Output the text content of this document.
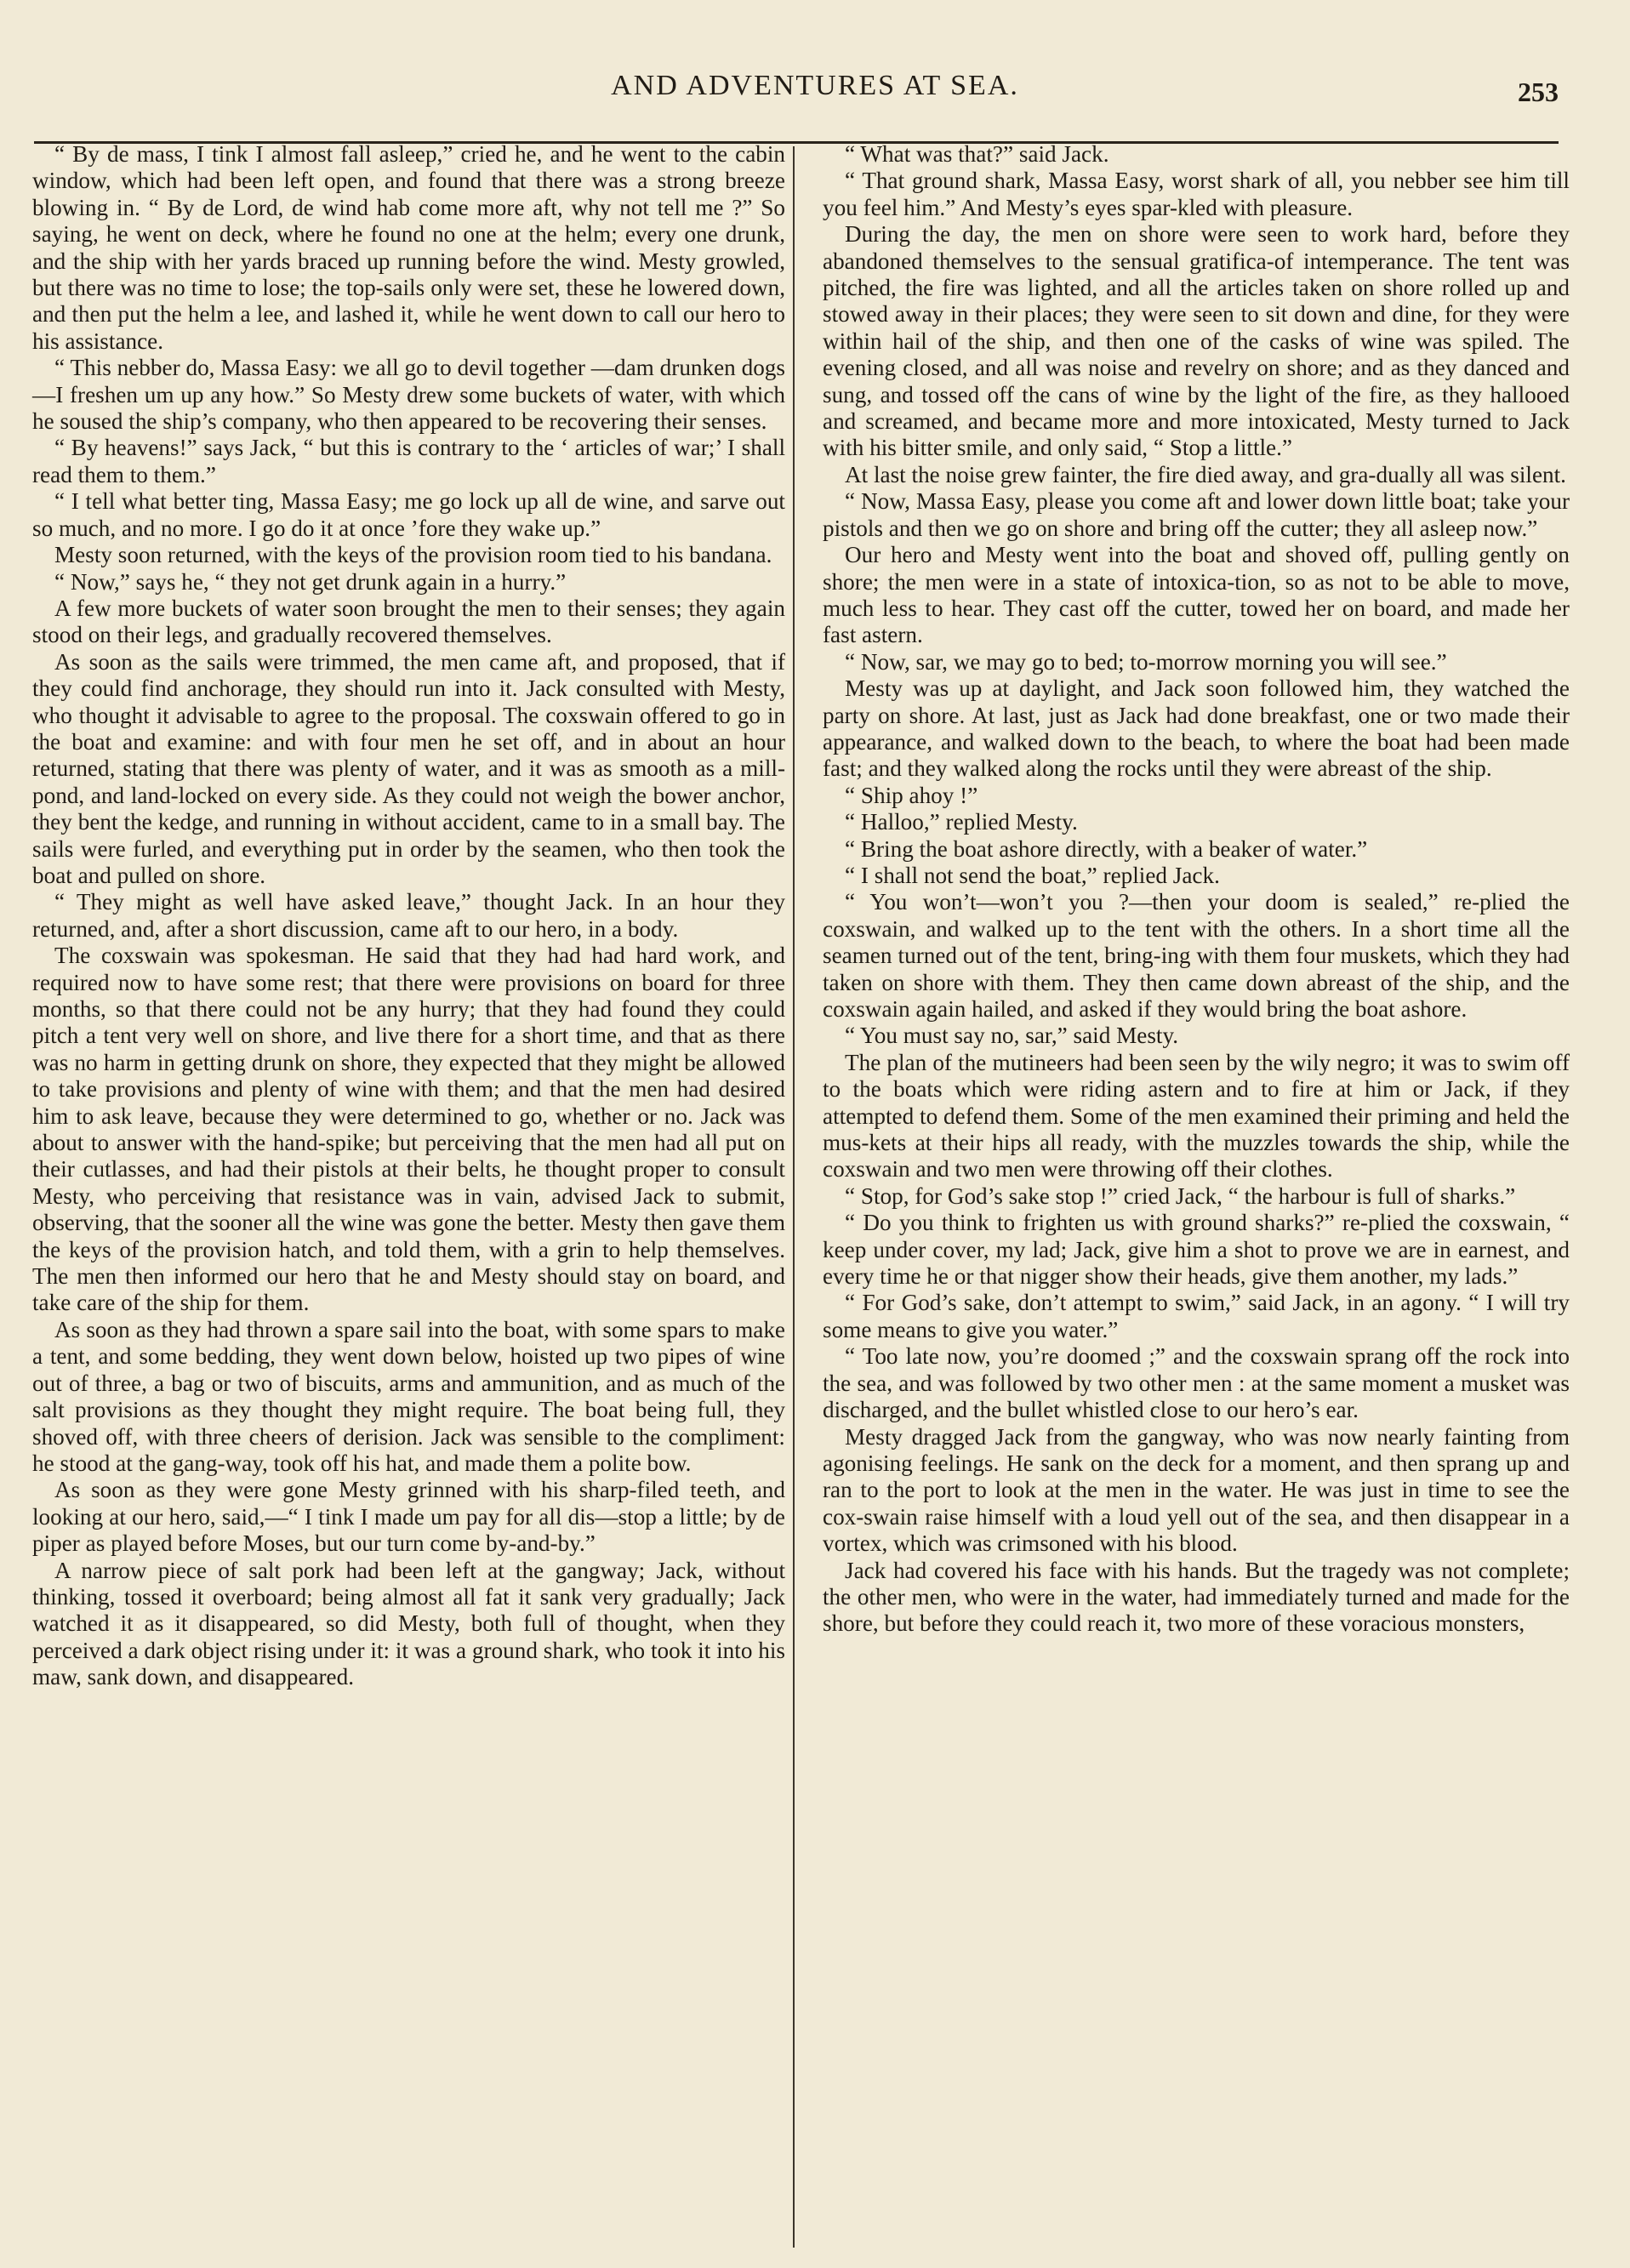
AND ADVENTURES AT SEA.	253

“ By de mass, I tink I almost fall asleep,” cried he, and he went to the cabin window, which had been left open, and found that there was a strong breeze blowing in. “ By de Lord, de wind hab come more aft, why not tell me ?” So saying, he went on deck, where he found no one at the helm; every one drunk, and the ship with her yards braced up running before the wind. Mesty growled, but there was no time to lose; the top-sails only were set, these he lowered down, and then put the helm a lee, and lashed it, while he went down to call our hero to his assistance.

“ This nebber do, Massa Easy: we all go to devil together —dam drunken dogs—I freshen um up any how.” So Mesty drew some buckets of water, with which he soused the ship’s company, who then appeared to be recovering their senses.

“ By heavens!” says Jack, “ but this is contrary to the ‘ articles of war;’ I shall read them to them.”

“ I tell what better ting, Massa Easy; me go lock up all de wine, and sarve out so much, and no more. I go do it at once ’fore they wake up.”

Mesty soon returned, with the keys of the provision room tied to his bandana.

“ Now,” says he, “ they not get drunk again in a hurry.”

A few more buckets of water soon brought the men to their senses; they again stood on their legs, and gradually recovered themselves.

As soon as the sails were trimmed, the men came aft, and proposed, that if they could find anchorage, they should run into it. Jack consulted with Mesty, who thought it advisable to agree to the proposal. The coxswain offered to go in the boat and examine: and with four men he set off, and in about an hour returned, stating that there was plenty of water, and it was as smooth as a mill-pond, and land-locked on every side. As they could not weigh the bower anchor, they bent the kedge, and running in without accident, came to in a small bay. The sails were furled, and everything put in order by the seamen, who then took the boat and pulled on shore.

“ They might as well have asked leave,” thought Jack. In an hour they returned, and, after a short discussion, came aft to our hero, in a body.

The coxswain was spokesman. He said that they had had hard work, and required now to have some rest; that there were provisions on board for three months, so that there could not be any hurry; that they had found they could pitch a tent very well on shore, and live there for a short time, and that as there was no harm in getting drunk on shore, they expected that they might be allowed to take provisions and plenty of wine with them; and that the men had desired him to ask leave, because they were determined to go, whether or no. Jack was about to answer with the hand-spike; but perceiving that the men had all put on their cutlasses, and had their pistols at their belts, he thought proper to consult Mesty, who perceiving that resistance was in vain, advised Jack to submit, observing, that the sooner all the wine was gone the better. Mesty then gave them the keys of the provision hatch, and told them, with a grin to help themselves. The men then informed our hero that he and Mesty should stay on board, and take care of the ship for them.

As soon as they had thrown a spare sail into the boat, with some spars to make a tent, and some bedding, they went down below, hoisted up two pipes of wine out of three, a bag or two of biscuits, arms and ammunition, and as much of the salt provisions as they thought they might require. The boat being full, they shoved off, with three cheers of derision. Jack was sensible to the compliment: he stood at the gang-way, took off his hat, and made them a polite bow.

As soon as they were gone Mesty grinned with his sharp-filed teeth, and looking at our hero, said,—“ I tink I made um pay for all dis—stop a little; by de piper as played before Moses, but our turn come by-and-by.”

A narrow piece of salt pork had been left at the gangway; Jack, without thinking, tossed it overboard; being almost all fat it sank very gradually; Jack watched it as it disappeared, so did Mesty, both full of thought, when they perceived a dark object rising under it: it was a ground shark, who took it into his maw, sank down, and disappeared.

“ What was that?” said Jack.

“ That ground shark, Massa Easy, worst shark of all, you nebber see him till you feel him.” And Mesty’s eyes spar-kled with pleasure.

During the day, the men on shore were seen to work hard, before they abandoned themselves to the sensual gratifica-of intemperance. The tent was pitched, the fire was lighted, and all the articles taken on shore rolled up and stowed away in their places; they were seen to sit down and dine, for they were within hail of the ship, and then one of the casks of wine was spiled. The evening closed, and all was noise and revelry on shore; and as they danced and sung, and tossed off the cans of wine by the light of the fire, as they hallooed and screamed, and became more and more intoxicated, Mesty turned to Jack with his bitter smile, and only said, “ Stop a little.”

At last the noise grew fainter, the fire died away, and gra-dually all was silent.

“ Now, Massa Easy, please you come aft and lower down little boat; take your pistols and then we go on shore and bring off the cutter; they all asleep now.”

Our hero and Mesty went into the boat and shoved off, pulling gently on shore; the men were in a state of intoxica-tion, so as not to be able to move, much less to hear. They cast off the cutter, towed her on board, and made her fast astern.

“ Now, sar, we may go to bed; to-morrow morning you will see.”

Mesty was up at daylight, and Jack soon followed him, they watched the party on shore. At last, just as Jack had done breakfast, one or two made their appearance, and walked down to the beach, to where the boat had been made fast; and they walked along the rocks until they were abreast of the ship.

“ Ship ahoy !”

“ Halloo,” replied Mesty.

“ Bring the boat ashore directly, with a beaker of water.”

“ I shall not send the boat,” replied Jack.

“ You won’t—won’t you ?—then your doom is sealed,” re-plied the coxswain, and walked up to the tent with the others. In a short time all the seamen turned out of the tent, bring-ing with them four muskets, which they had taken on shore with them. They then came down abreast of the ship, and the coxswain again hailed, and asked if they would bring the boat ashore.

“ You must say no, sar,” said Mesty.

The plan of the mutineers had been seen by the wily negro; it was to swim off to the boats which were riding astern and to fire at him or Jack, if they attempted to defend them. Some of the men examined their priming and held the mus-kets at their hips all ready, with the muzzles towards the ship, while the coxswain and two men were throwing off their clothes.

“ Stop, for God’s sake stop !” cried Jack, “ the harbour is full of sharks.”

“ Do you think to frighten us with ground sharks?” re-plied the coxswain, “ keep under cover, my lad; Jack, give him a shot to prove we are in earnest, and every time he or that nigger show their heads, give them another, my lads.”

“ For God’s sake, don’t attempt to swim,” said Jack, in an agony. “ I will try some means to give you water.”

“ Too late now, you’re doomed ;” and the coxswain sprang off the rock into the sea, and was followed by two other men : at the same moment a musket was discharged, and the bullet whistled close to our hero’s ear.

Mesty dragged Jack from the gangway, who was now nearly fainting from agonising feelings. He sank on the deck for a moment, and then sprang up and ran to the port to look at the men in the water. He was just in time to see the cox-swain raise himself with a loud yell out of the sea, and then disappear in a vortex, which was crimsoned with his blood.

Jack had covered his face with his hands. But the tragedy was not complete; the other men, who were in the water, had immediately turned and made for the shore, but before they could reach it, two more of these voracious monsters,
